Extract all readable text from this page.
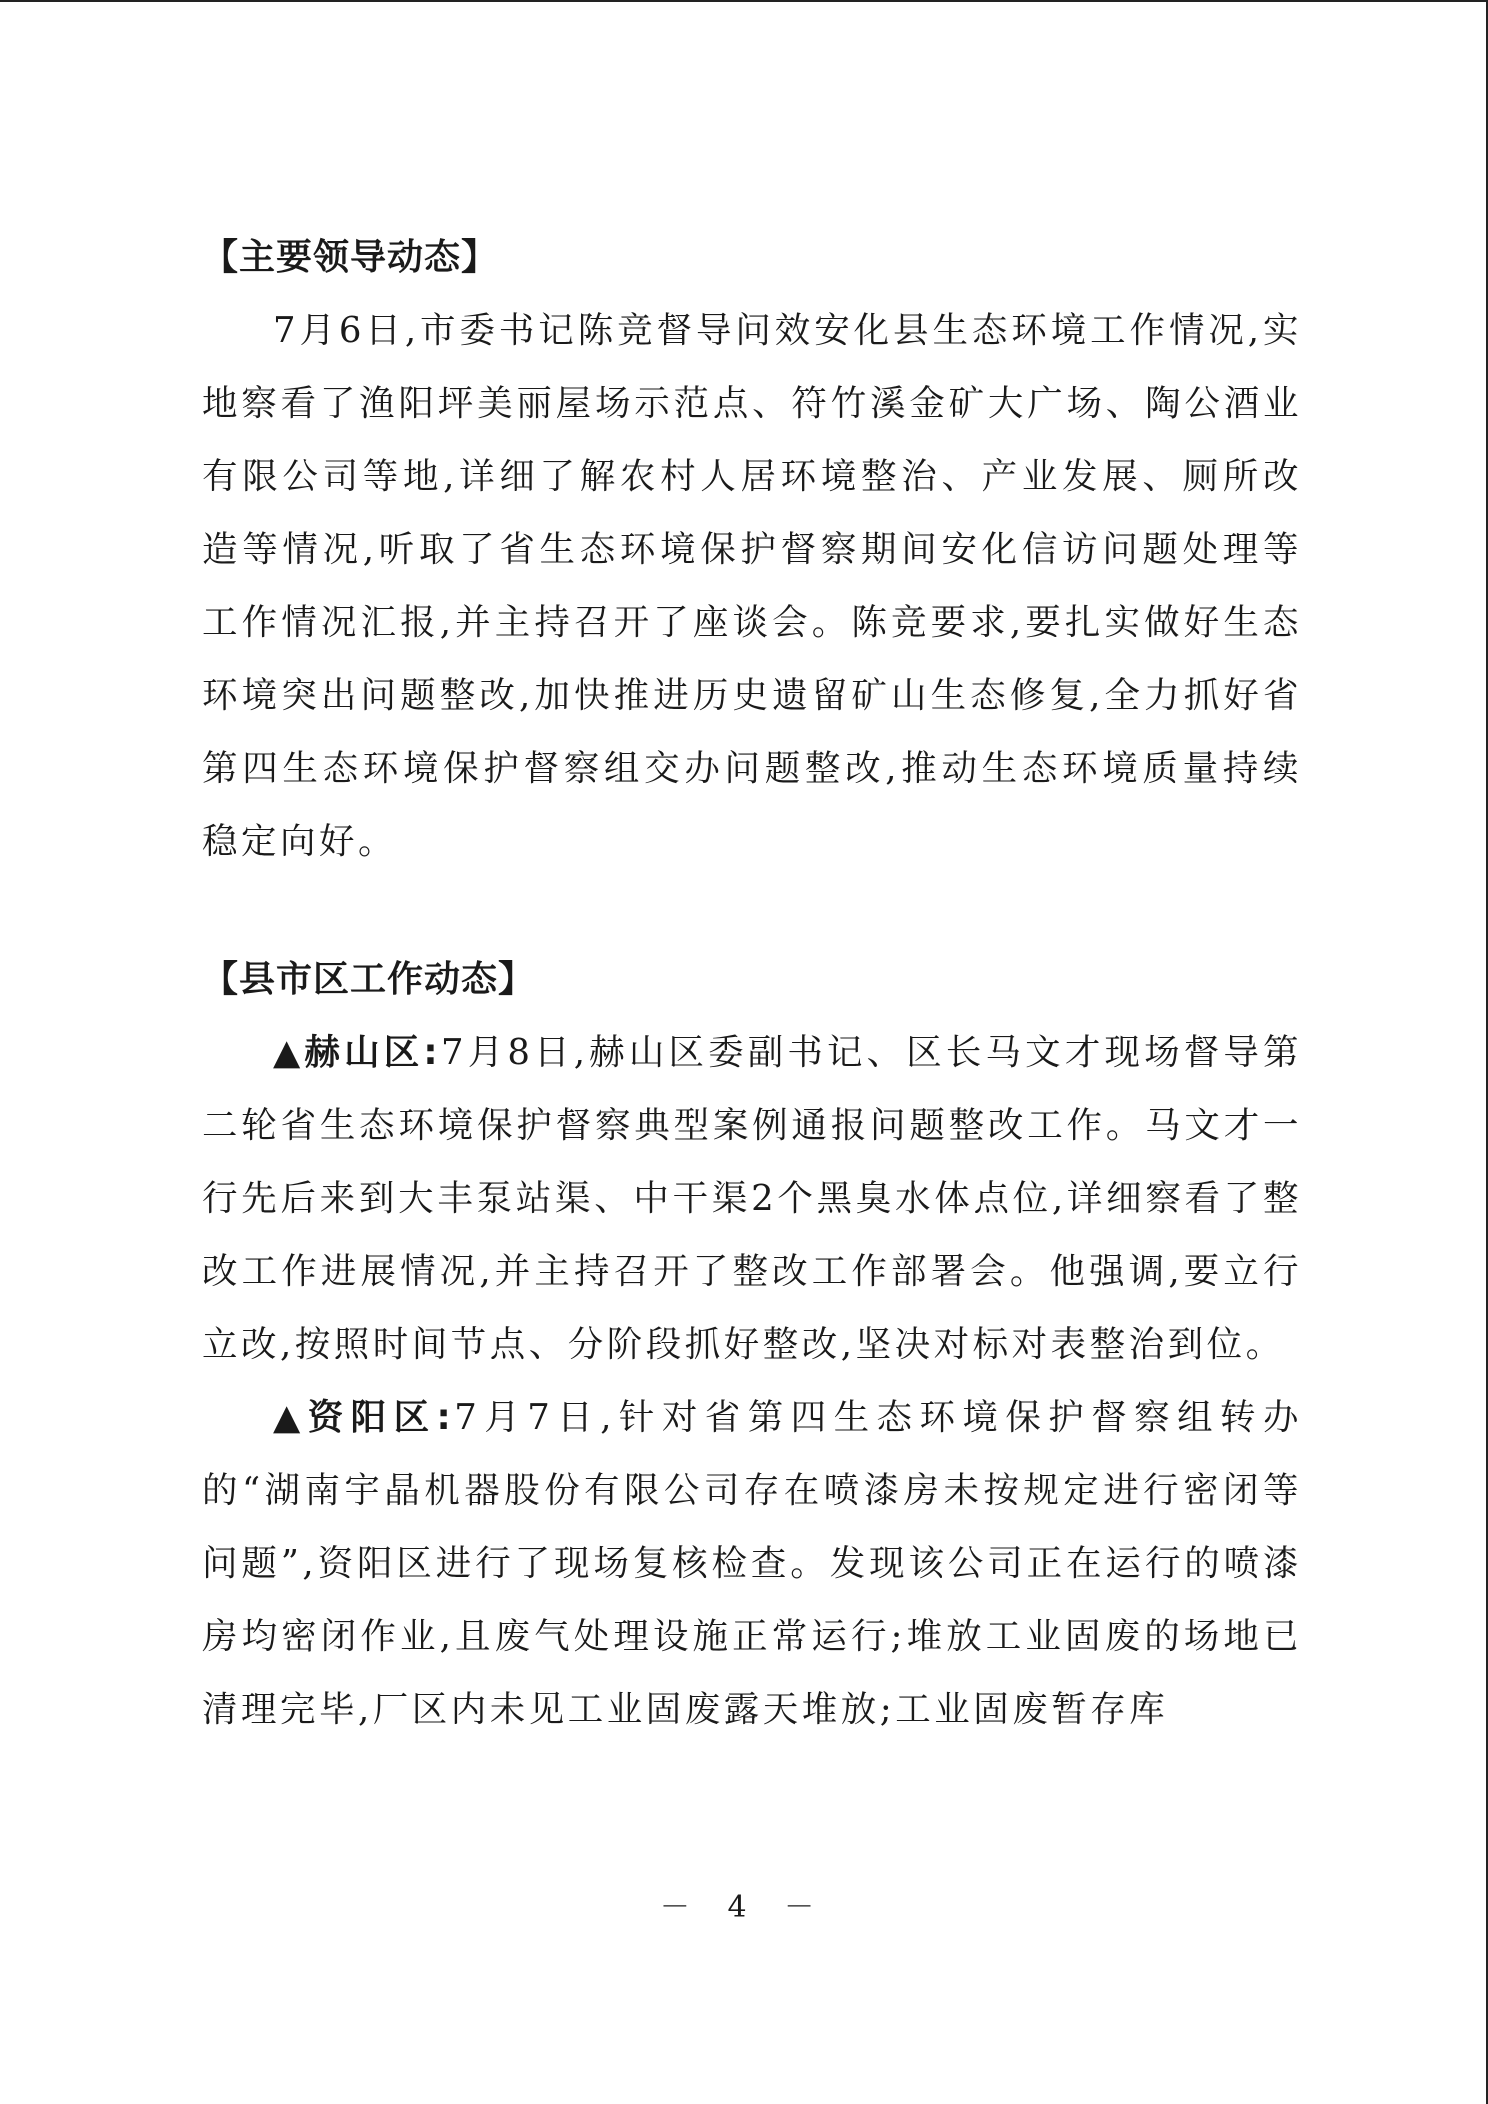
【主要领导动态】

7月6日,市委书记陈竞督导问效安化县生态环境工作情况,实地察看了渔阳坪美丽屋场示范点、符竹溪金矿大广场、陶公酒业有限公司等地,详细了解农村人居环境整治、产业发展、厕所改造等情况,听取了省生态环境保护督察期间安化信访问题处理等工作情况汇报,并主持召开了座谈会。陈竞要求,要扎实做好生态环境突出问题整改,加快推进历史遗留矿山生态修复,全力抓好省第四生态环境保护督察组交办问题整改,推动生态环境质量持续稳定向好。

【县市区工作动态】

▲赫山区:7月8日,赫山区委副书记、区长马文才现场督导第二轮省生态环境保护督察典型案例通报问题整改工作。马文才一行先后来到大丰泵站渠、中干渠2个黑臭水体点位,详细察看了整改工作进展情况,并主持召开了整改工作部署会。他强调,要立行立改,按照时间节点、分阶段抓好整改,坚决对标对表整治到位。

▲资阳区:7月7日,针对省第四生态环境保护督察组转办的“湖南宇晶机器股份有限公司存在喷漆房未按规定进行密闭等问题”,资阳区进行了现场复核检查。发现该公司正在运行的喷漆房均密闭作业,且废气处理设施正常运行;堆放工业固废的场地已清理完毕,厂区内未见工业固废露天堆放;工业固废暂存库

－ 4 －
